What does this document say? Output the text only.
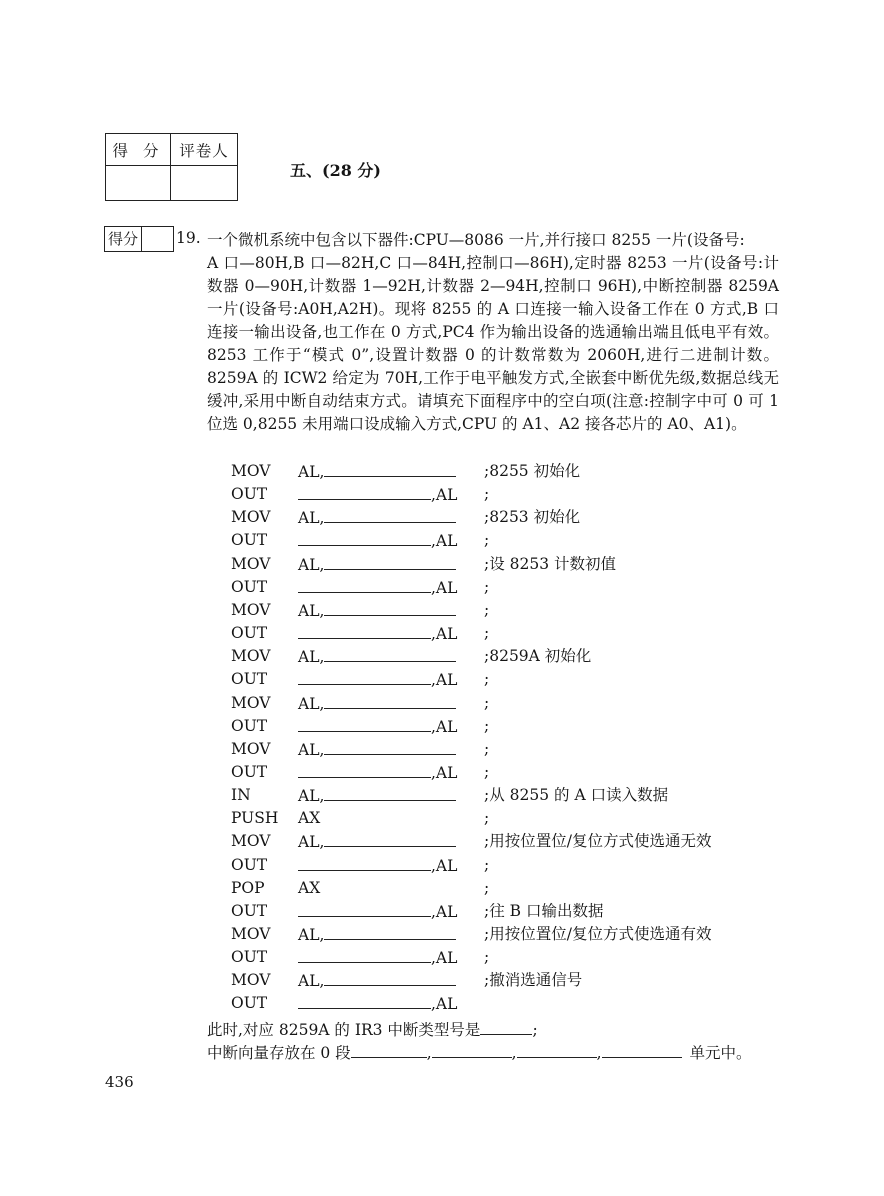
得 分	评卷人

五、(28 分)
得分 19. 一个微机系统中包含以下器件:CPU—8086 一片,并行接口 8255 一片(设备号:
A 口—80H,B 口—82H,C 口—84H,控制口—86H),定时器 8253 一片(设备号:计数器 0—90H,计数器 1—92H,计数器 2—94H,控制口 96H),中断控制器 8259A 一片(设备号:A0H,A2H)。现将 8255 的 A 口连接一输入设备工作在 0 方式,B 口连接一输出设备,也工作在 0 方式,PC4 作为输出设备的选通输出端且低电平有效。8253 工作于“模式 0”,设置计数器 0 的计数常数为 2060H,进行二进制计数。8259A 的 ICW2 给定为 70H,工作于电平触发方式,全嵌套中断优先级,数据总线无缓冲,采用中断自动结束方式。请填充下面程序中的空白项(注意:控制字中可 0 可 1 位选 0,8255 未用端口设成输入方式,CPU 的 A1、A2 接各芯片的 A0、A1)。
MOV AL,	;8255 初始化
OUT	,AL ;
MOV AL,	;8253 初始化
OUT	,AL ;
MOV AL,	;设 8253 计数初值
OUT	,AL ;
MOV AL,	;
OUT	,AL ;
MOV AL,	;8259A 初始化
OUT	,AL ;
MOV AL,	;
OUT	,AL ;
MOV AL,	;
OUT	,AL ;
IN	AL,	;从 8255 的 A 口读入数据
PUSH AX	;
MOV AL,	;用按位置位/复位方式使选通无效
OUT	,AL ;
POP AX	;
OUT	,AL ;往 B 口输出数据
MOV AL,	;用按位置位/复位方式使选通有效
OUT	,AL ;
MOV AL,	;撤消选通信号
OUT	,AL
此时,对应 8259A 的 IR3 中断类型号是	;
中断向量存放在 0 段	,	,	,	单元中。
436
